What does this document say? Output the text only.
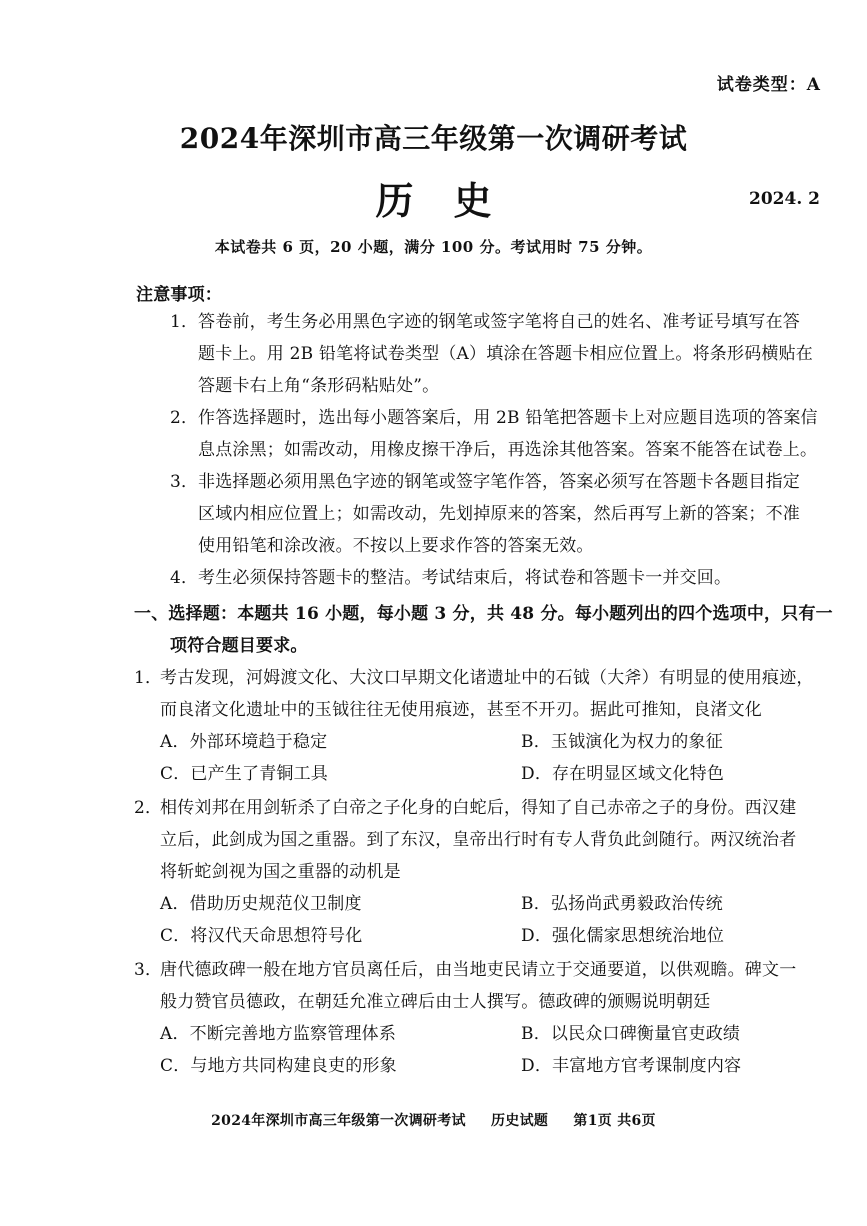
试卷类型：A
2024年深圳市高三年级第一次调研考试
历史	2024. 2
本试卷共 6 页，20 小题，满分 100 分。考试用时 75 分钟。
注意事项：
1． 答卷前，考生务必用黑色字迹的钢笔或签字笔将自己的姓名、准考证号填写在答
题卡上。用 2B 铅笔将试卷类型（A）填涂在答题卡相应位置上。将条形码横贴在
答题卡右上角“条形码粘贴处”。
2． 作答选择题时，选出每小题答案后，用 2B 铅笔把答题卡上对应题目选项的答案信
息点涂黑；如需改动，用橡皮擦干净后，再选涂其他答案。答案不能答在试卷上。
3． 非选择题必须用黑色字迹的钢笔或签字笔作答，答案必须写在答题卡各题目指定
区域内相应位置上；如需改动，先划掉原来的答案，然后再写上新的答案；不准
使用铅笔和涂改液。不按以上要求作答的答案无效。
4． 考生必须保持答题卡的整洁。考试结束后，将试卷和答题卡一并交回。
一、选择题：本题共 16 小题，每小题 3 分，共 48 分。每小题列出的四个选项中，只有一
项符合题目要求。
1．
考古发现，河姆渡文化、大汶口早期文化诸遗址中的石钺（大斧）有明显的使用痕迹，
而良渚文化遗址中的玉钺往往无使用痕迹，甚至不开刃。据此可推知，良渚文化
A．外部环境趋于稳定	B．玉钺演化为权力的象征
C．已产生了青铜工具	D．存在明显区域文化特色
2．
相传刘邦在用剑斩杀了白帝之子化身的白蛇后，得知了自己赤帝之子的身份。西汉建
立后，此剑成为国之重器。到了东汉，皇帝出行时有专人背负此剑随行。两汉统治者
将斩蛇剑视为国之重器的动机是
A．借助历史规范仪卫制度	B．弘扬尚武勇毅政治传统
C．将汉代天命思想符号化	D．强化儒家思想统治地位
3．
唐代德政碑一般在地方官员离任后，由当地吏民请立于交通要道，以供观瞻。碑文一
般力赞官员德政，在朝廷允准立碑后由士人撰写。德政碑的颁赐说明朝廷
A．不断完善地方监察管理体系	B．以民众口碑衡量官吏政绩
C．与地方共同构建良吏的形象	D．丰富地方官考课制度内容
2024年深圳市高三年级第一次调研考试 历史试题 第1页 共6页
